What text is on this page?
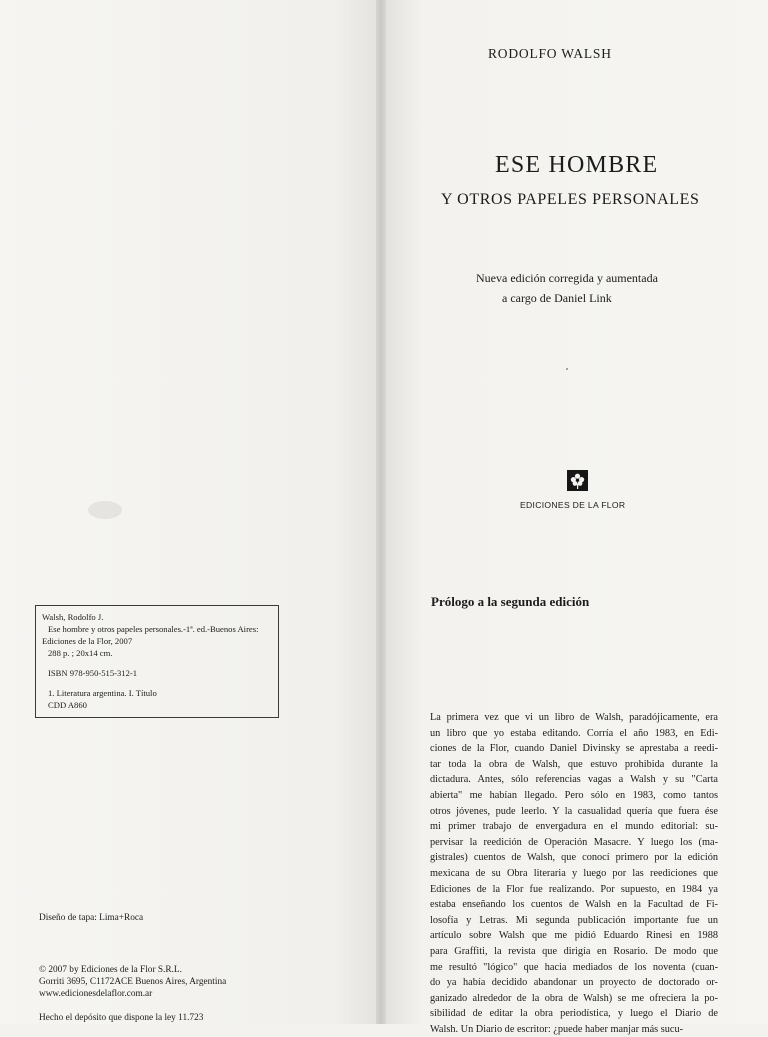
Walsh, Rodolfo J.
Ese hombre y otros papeles personales.-1ª. ed.-Buenos Aires:
Ediciones de la Flor, 2007
288 p. ; 20x14 cm.
ISBN 978-950-515-312-1
1. Literatura argentina. I. Título
CDD A860
Diseño de tapa: Lima+Roca
© 2007 by Ediciones de la Flor S.R.L.
Gorriti 3695, C1172ACE Buenos Aires, Argentina
www.edicionesdelaflor.com.ar
Hecho el depósito que dispone la ley 11.723
RODOLFO WALSH
ESE HOMBRE
Y OTROS PAPELES PERSONALES
Nueva edición corregida y aumentada
a cargo de Daniel Link
EDICIONES DE LA FLOR
Prólogo a la segunda edición
La primera vez que vi un libro de Walsh, paradójicamente, era
un libro que yo estaba editando. Corría el año 1983, en Edi-
ciones de la Flor, cuando Daniel Divinsky se aprestaba a reedi-
tar toda la obra de Walsh, que estuvo prohibida durante la
dictadura. Antes, sólo referencias vagas a Walsh y su "Carta
abierta" me habían llegado. Pero sólo en 1983, como tantos
otros jóvenes, pude leerlo. Y la casualidad quería que fuera ése
mi primer trabajo de envergadura en el mundo editorial: su-
pervisar la reedición de Operación Masacre. Y luego los (ma-
gistrales) cuentos de Walsh, que conocí primero por la edición
mexicana de su Obra literaria y luego por las reediciones que
Ediciones de la Flor fue realizando. Por supuesto, en 1984 ya
estaba enseñando los cuentos de Walsh en la Facultad de Fi-
losofía y Letras. Mi segunda publicación importante fue un
artículo sobre Walsh que me pidió Eduardo Rinesi en 1988
para Graffiti, la revista que dirigía en Rosario. De modo que
me resultó "lógico" que hacia mediados de los noventa (cuan-
do ya había decidido abandonar un proyecto de doctorado or-
ganizado alrededor de la obra de Walsh) se me ofreciera la po-
sibilidad de editar la obra periodística, y luego el Diario de
Walsh. Un Diario de escritor: ¿puede haber manjar más sucu-
